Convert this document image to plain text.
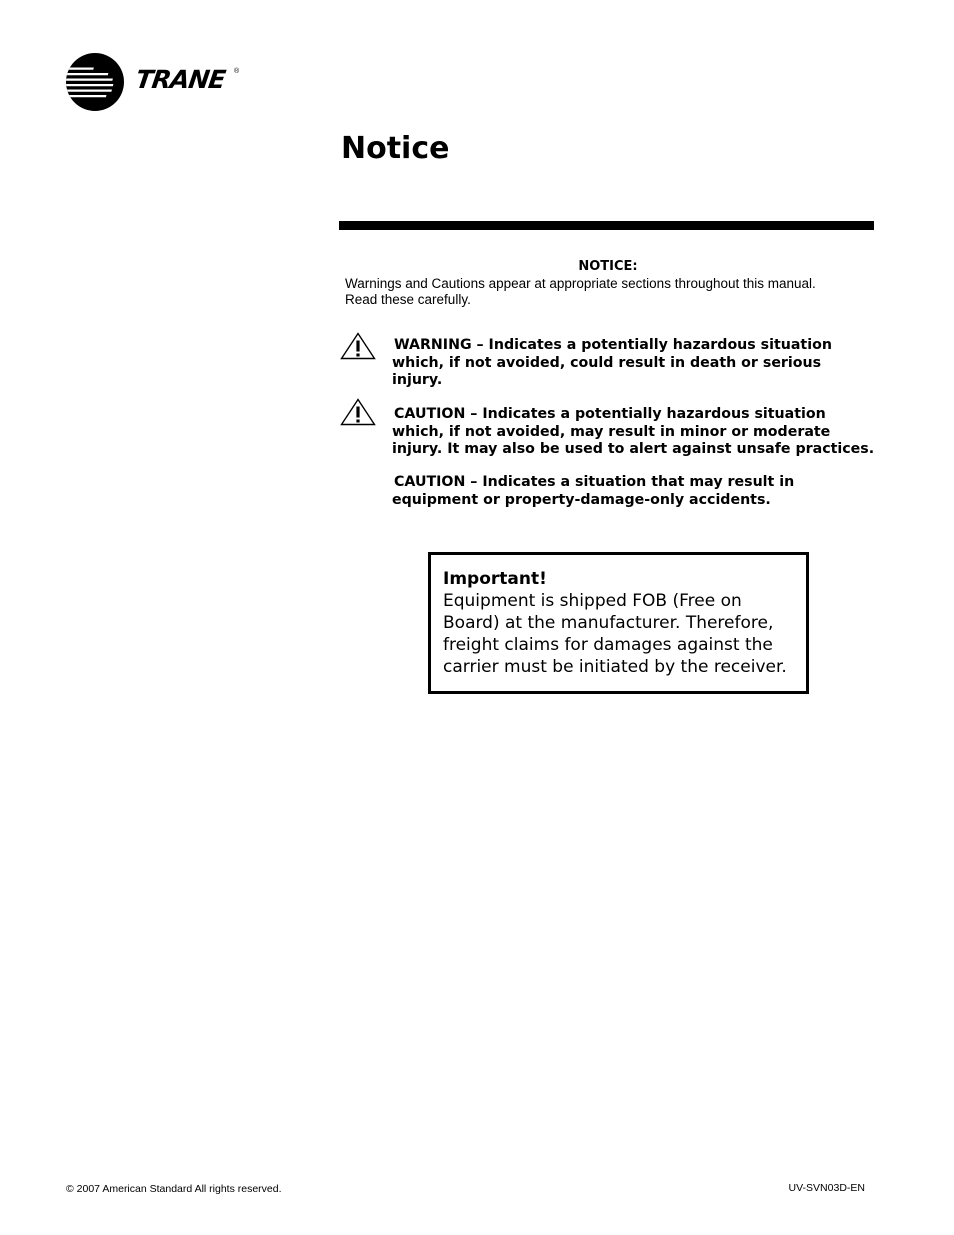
TRANE ®
Notice
NOTICE:
Warnings and Cautions appear at appropriate sections throughout this manual.
Read these carefully.
WARNING – Indicates a potentially hazardous situation
which, if not avoided, could result in death or serious
injury.
CAUTION – Indicates a potentially hazardous situation
which, if not avoided, may result in minor or moderate
injury. It may also be used to alert against unsafe practices.
CAUTION – Indicates a situation that may result in
equipment or property-damage-only accidents.
Important!
Equipment is shipped FOB (Free on
Board) at the manufacturer. Therefore,
freight claims for damages against the
carrier must be initiated by the receiver.
© 2007 American Standard All rights reserved.	UV-SVN03D-EN
